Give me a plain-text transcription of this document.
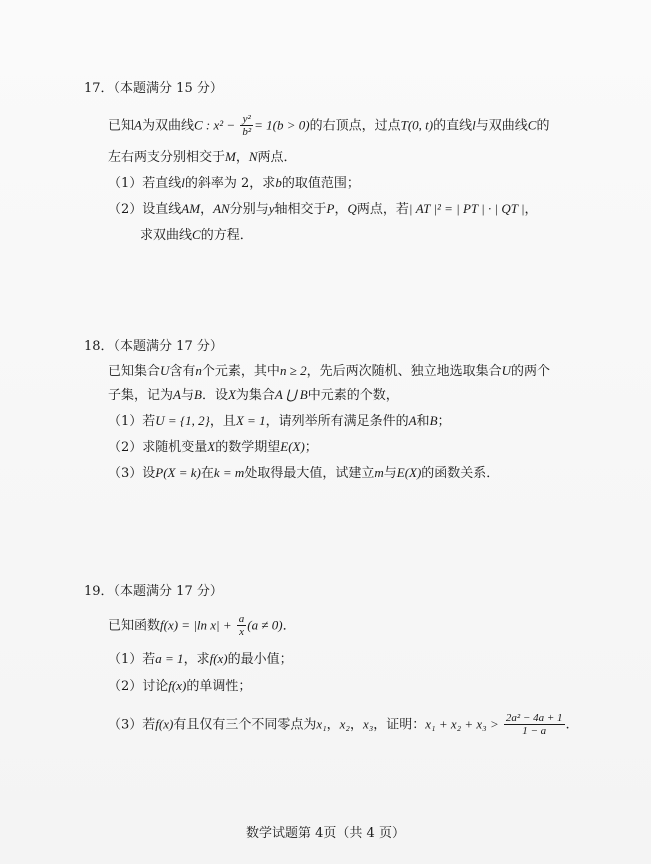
17．（本题满分 15 分）
已知A为双曲线C : $x^2 - \frac{\text{y²}}{\text{b²}} = 1(b > 0)$的右顶点，过点T(0, t)的直线l与双曲线C的
左右两支分别相交于M，N两点．
（1）若直线l的斜率为 2，求b的取值范围；
（2）设直线AM，AN分别与y轴相交于P，Q两点，若| AT |² = | PT | · | QT |，
求双曲线C的方程．
18．（本题满分 17 分）
已知集合U含有n个元素，其中n ≥ 2，先后两次随机、独立地选取集合U的两个
子集，记为A与B．设X为集合A ⋃ B中元素的个数，
（1）若U = {1, 2}，且X = 1，请列举所有满足条件的A和B；
（2）求随机变量X的数学期望E(X)；
（3）设P(X = k)在k = m处取得最大值，试建立m与E(X)的函数关系．
19．（本题满分 17 分）
已知函数f(x) = |ln $x| + \frac{a}{x} (a \ne 0)$．
（1）若a = 1，求f(x)的最小值；
（2）讨论f(x)的单调性；
（3）若f(x)有且仅有三个不同零点为x₁，x₂，x₃，证明：$x_1 + x_2 + x_3 > \frac{\text{2a² − 4a + 1}}{1 - a}$ .
数学试题第 4页（共 4 页）
